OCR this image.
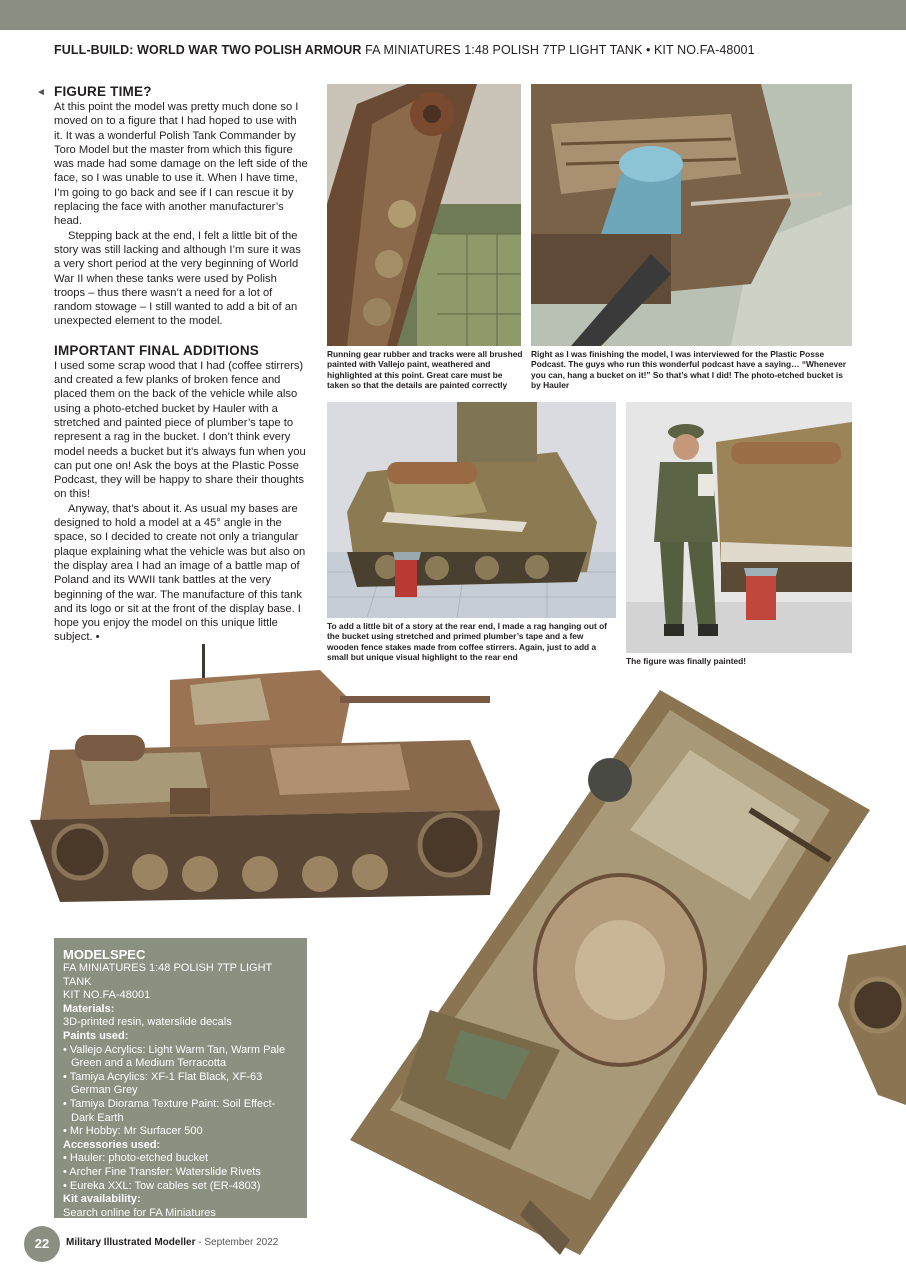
FULL-BUILD: WORLD WAR TWO POLISH ARMOUR FA MINIATURES 1:48 POLISH 7TP LIGHT TANK • KIT NO.FA-48001
◄ FIGURE TIME?

At this point the model was pretty much done so I moved on to a figure that I had hoped to use with it. It was a wonderful Polish Tank Commander by Toro Model but the master from which this figure was made had some damage on the left side of the face, so I was unable to use it. When I have time, I’m going to go back and see if I can rescue it by replacing the face with another manufacturer’s head.

Stepping back at the end, I felt a little bit of the story was still lacking and although I’m sure it was a very short period at the very beginning of World War II when these tanks were used by Polish troops – thus there wasn’t a need for a lot of random stowage – I still wanted to add a bit of an unexpected element to the model.

IMPORTANT FINAL ADDITIONS

I used some scrap wood that I had (coffee stirrers) and created a few planks of broken fence and placed them on the back of the vehicle while also using a photo-etched bucket by Hauler with a stretched and painted piece of plumber’s tape to represent a rag in the bucket. I don’t think every model needs a bucket but it’s always fun when you can put one on! Ask the boys at the Plastic Posse Podcast, they will be happy to share their thoughts on this!

Anyway, that’s about it. As usual my bases are designed to hold a model at a 45° angle in the space, so I decided to create not only a triangular plaque explaining what the vehicle was but also on the display area I had an image of a battle map of Poland and its WWII tank battles at the very beginning of the war. The manufacture of this tank and its logo or sit at the front of the display base. I hope you enjoy the model on this unique little subject. •

Running gear rubber and tracks were all brushed painted with Vallejo paint, weathered and highlighted at this point. Great care must be taken so that the details are painted correctly
Right as I was finishing the model, I was interviewed for the Plastic Posse Podcast. The guys who run this wonderful podcast have a saying… “Whenever you can, hang a bucket on it!” So that’s what I did! The photo-etched bucket is by Hauler
To add a little bit of a story at the rear end, I made a rag hanging out of the bucket using stretched and primed plumber’s tape and a few wooden fence stakes made from coffee stirrers. Again, just to add a small but unique visual highlight to the rear end	The figure was finally painted!
MODELSPEC
FA MINIATURES 1:48 POLISH 7TP LIGHT TANK
KIT NO.FA-48001
Materials:
3D-printed resin, waterslide decals
Paints used:
• Vallejo Acrylics: Light Warm Tan, Warm Pale Green and a Medium Terracotta
• Tamiya Acrylics: XF-1 Flat Black, XF-63 German Grey
• Tamiya Diorama Texture Paint: Soil Effect-Dark Earth
• Mr Hobby: Mr Surfacer 500
Accessories used:
• Hauler: photo-etched bucket
• Archer Fine Transfer: Waterslide Rivets
• Eureka XXL: Tow cables set (ER-4803)
Kit availability:
Search online for FA Miniatures
22	Military Illustrated Modeller - September 2022
